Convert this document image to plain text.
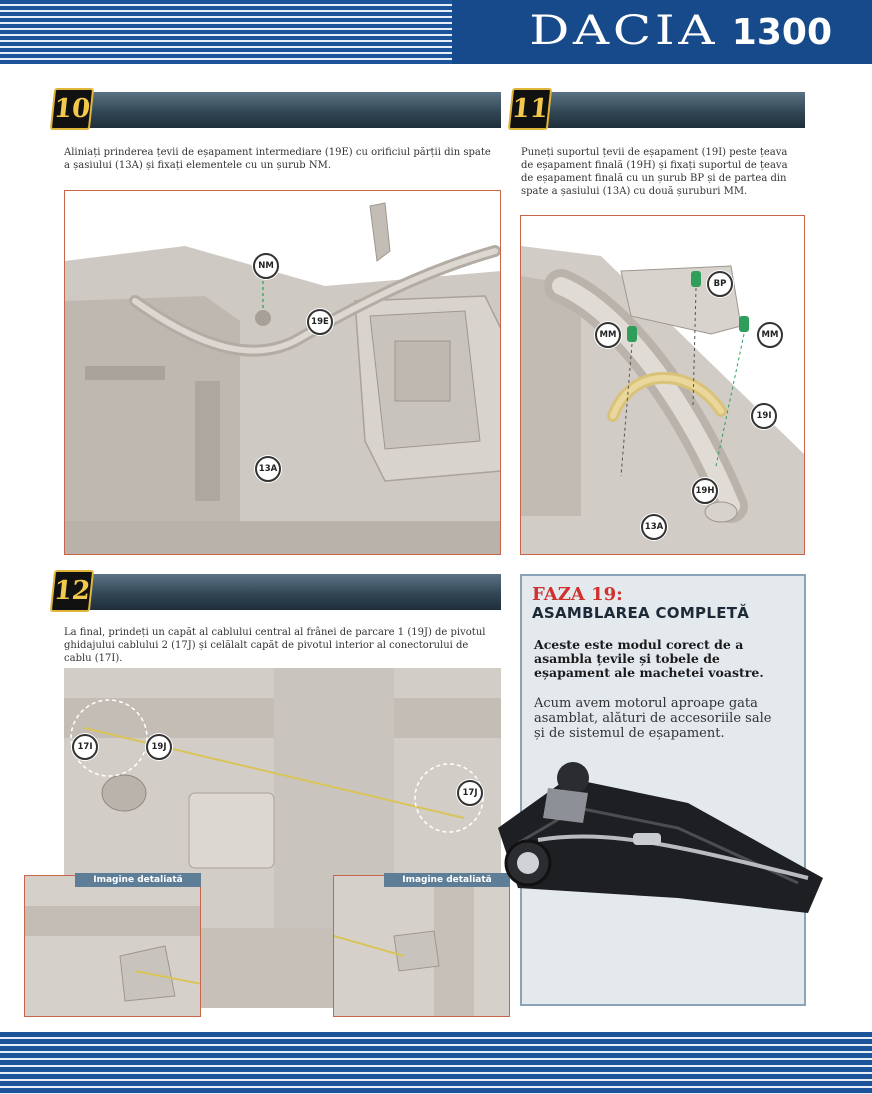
DACIA 1300
10
Aliniați prinderea țevii de eșapament intermediare (19E) cu orificiul părții din spate a șasiului (13A) și fixați elementele cu un șurub NM.
NM
19E
13A
11
Puneți suportul țevii de eșapament (19I) peste țeava de eșapament finală (19H) și fixați suportul de țeava de eșapament finală cu un șurub BP și de partea din spate a șasiului (13A) cu două șuruburi MM.
BP
MM	MM
19I
19H
13A
12
La final, prindeți un capăt al cablului central al frânei de parcare 1 (19J) de pivotul ghidajului cablului 2 (17J) și celălalt capăt de pivotul interior al conectorului de cablu (17I).
17I	19J
17J
Imagine detaliată	Imagine detaliată
FAZA 19:
ASAMBLAREA COMPLETĂ
Aceste este modul corect de a asambla țevile și tobele de eșapament ale machetei voastre.
Acum avem motorul aproape gata asamblat, alături de accesoriile sale și de sistemul de eșapament.
